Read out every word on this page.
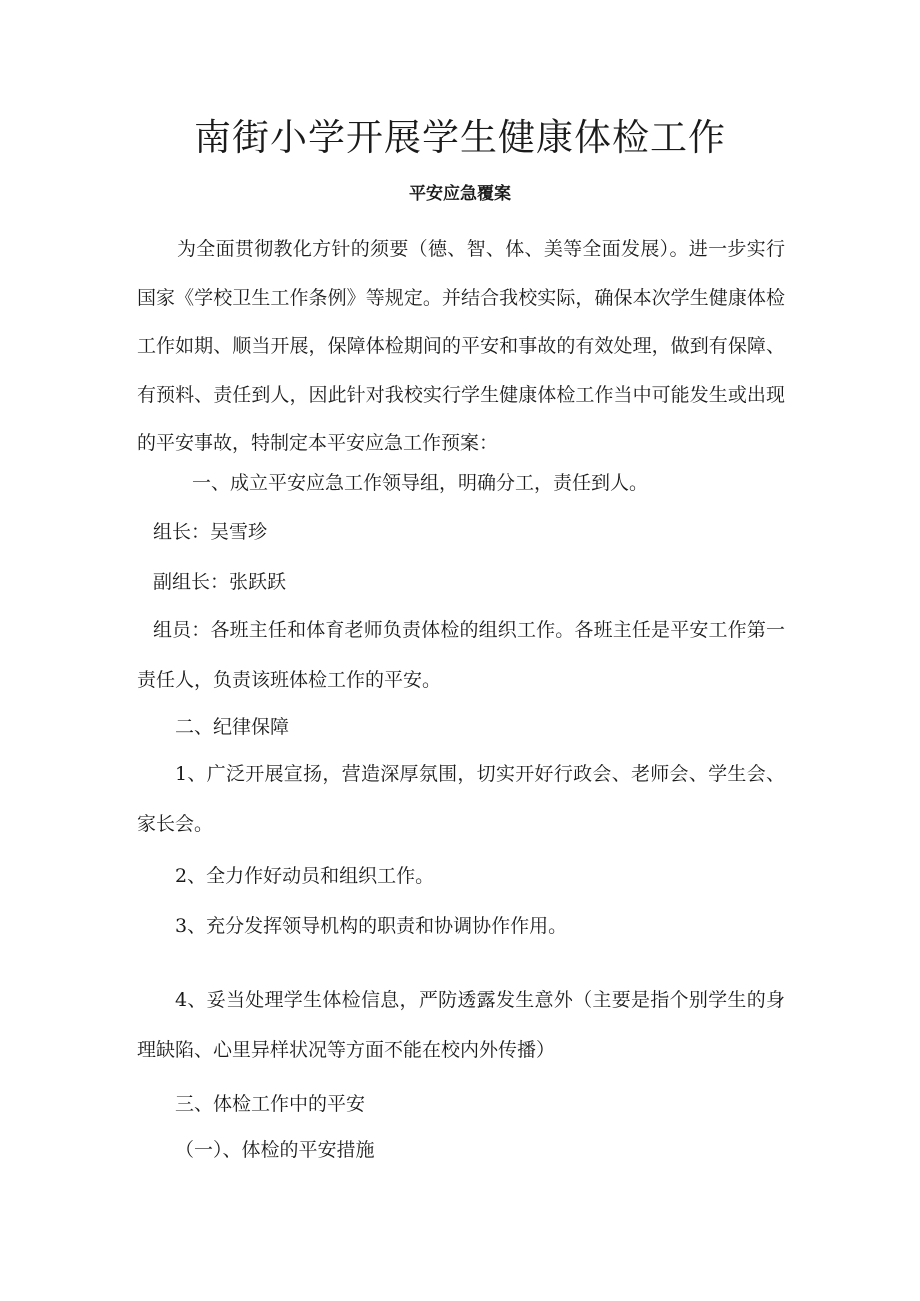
南街小学开展学生健康体检工作
平安应急覆案

为全面贯彻教化方针的须要（德、智、体、美等全面发展）。进一步实行国家《学校卫生工作条例》等规定。并结合我校实际，确保本次学生健康体检工作如期、顺当开展，保障体检期间的平安和事故的有效处理，做到有保障、有预料、责任到人，因此针对我校实行学生健康体检工作当中可能发生或出现的平安事故，特制定本平安应急工作预案：

一、成立平安应急工作领导组，明确分工，责任到人。

组长：吴雪珍

副组长：张跃跃

组员：各班主任和体育老师负责体检的组织工作。各班主任是平安工作第一责任人，负责该班体检工作的平安。

二、纪律保障

1、广泛开展宣扬，营造深厚氛围，切实开好行政会、老师会、学生会、家长会。

2、全力作好动员和组织工作。

3、充分发挥领导机构的职责和协调协作作用。

4、妥当处理学生体检信息，严防透露发生意外（主要是指个别学生的身理缺陷、心里异样状况等方面不能在校内外传播）

三、体检工作中的平安

（一）、体检的平安措施
